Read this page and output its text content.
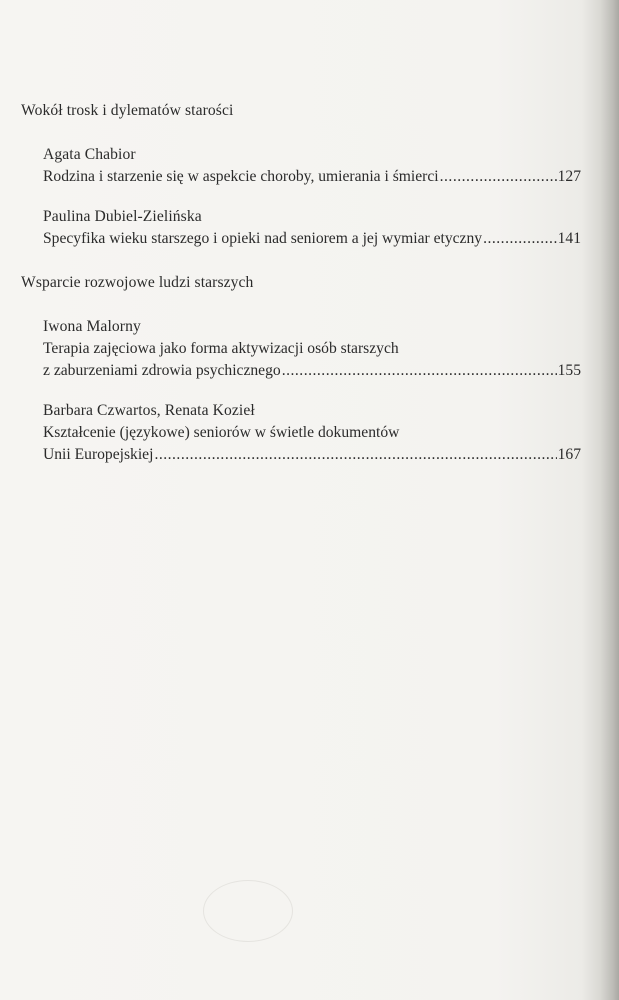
Wokół trosk i dylematów starości

Agata Chabior

Rodzina i starzenie się w aspekcie choroby, umierania i śmierci .....	127

Paulina Dubiel-Zielińska

Specyfika wieku starszego i opieki nad seniorem a jej wymiar etyczny .....	141
Wsparcie rozwojowe ludzi starszych

Iwona Malorny

Terapia zajęciowa jako forma aktywizacji osób starszych

z zaburzeniami zdrowia psychicznego .....	155

Barbara Czwartos, Renata Kozieł

Kształcenie (językowe) seniorów w świetle dokumentów

Unii Europejskiej .....	167
